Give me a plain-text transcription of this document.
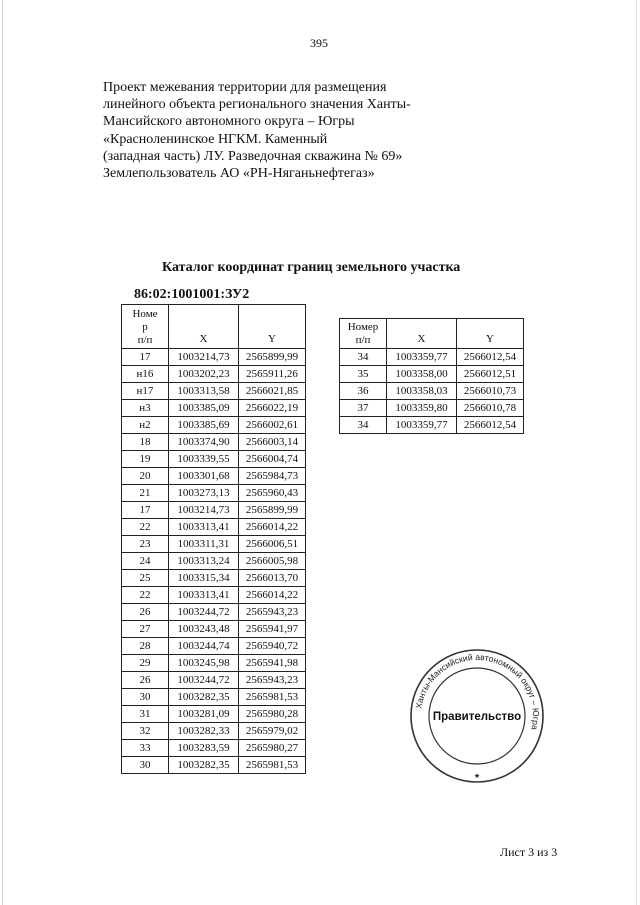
395
Проект межевания территории для размещения
линейного объекта регионального значения Ханты-
Мансийского автономного округа – Югры
«Красноленинское НГКМ. Каменный
(западная часть) ЛУ. Разведочная скважина № 69»
Землепользователь АО «РН-Няганьнефтегаз»
Каталог координат границ земельного участка
86:02:1001001:ЗУ2
Номе
р
п/п	X	Y
17	1003214,73	2565899,99
н16	1003202,23	2565911,26
н17	1003313,58	2566021,85
н3	1003385,09	2566022,19
н2	1003385,69	2566002,61
18	1003374,90	2566003,14
19	1003339,55	2566004,74
20	1003301,68	2565984,73
21	1003273,13	2565960,43
17	1003214,73	2565899,99
22	1003313,41	2566014,22
23	1003311,31	2566006,51
24	1003313,24	2566005,98
25	1003315,34	2566013,70
22	1003313,41	2566014,22
26	1003244,72	2565943,23
27	1003243,48	2565941,97
28	1003244,74	2565940,72
29	1003245,98	2565941,98
26	1003244,72	2565943,23
30	1003282,35	2565981,53
31	1003281,09	2565980,28
32	1003282,33	2565979,02
33	1003283,59	2565980,27
30	1003282,35	2565981,53
Номер
п/п	X	Y
34	1003359,77	2566012,54
35	1003358,00	2566012,51
36	1003358,03	2566010,73
37	1003359,80	2566010,78
34	1003359,77	2566012,54
Ханты-Мансийский автономный округ – Югра
Правительство
★
Лист 3 из 3
